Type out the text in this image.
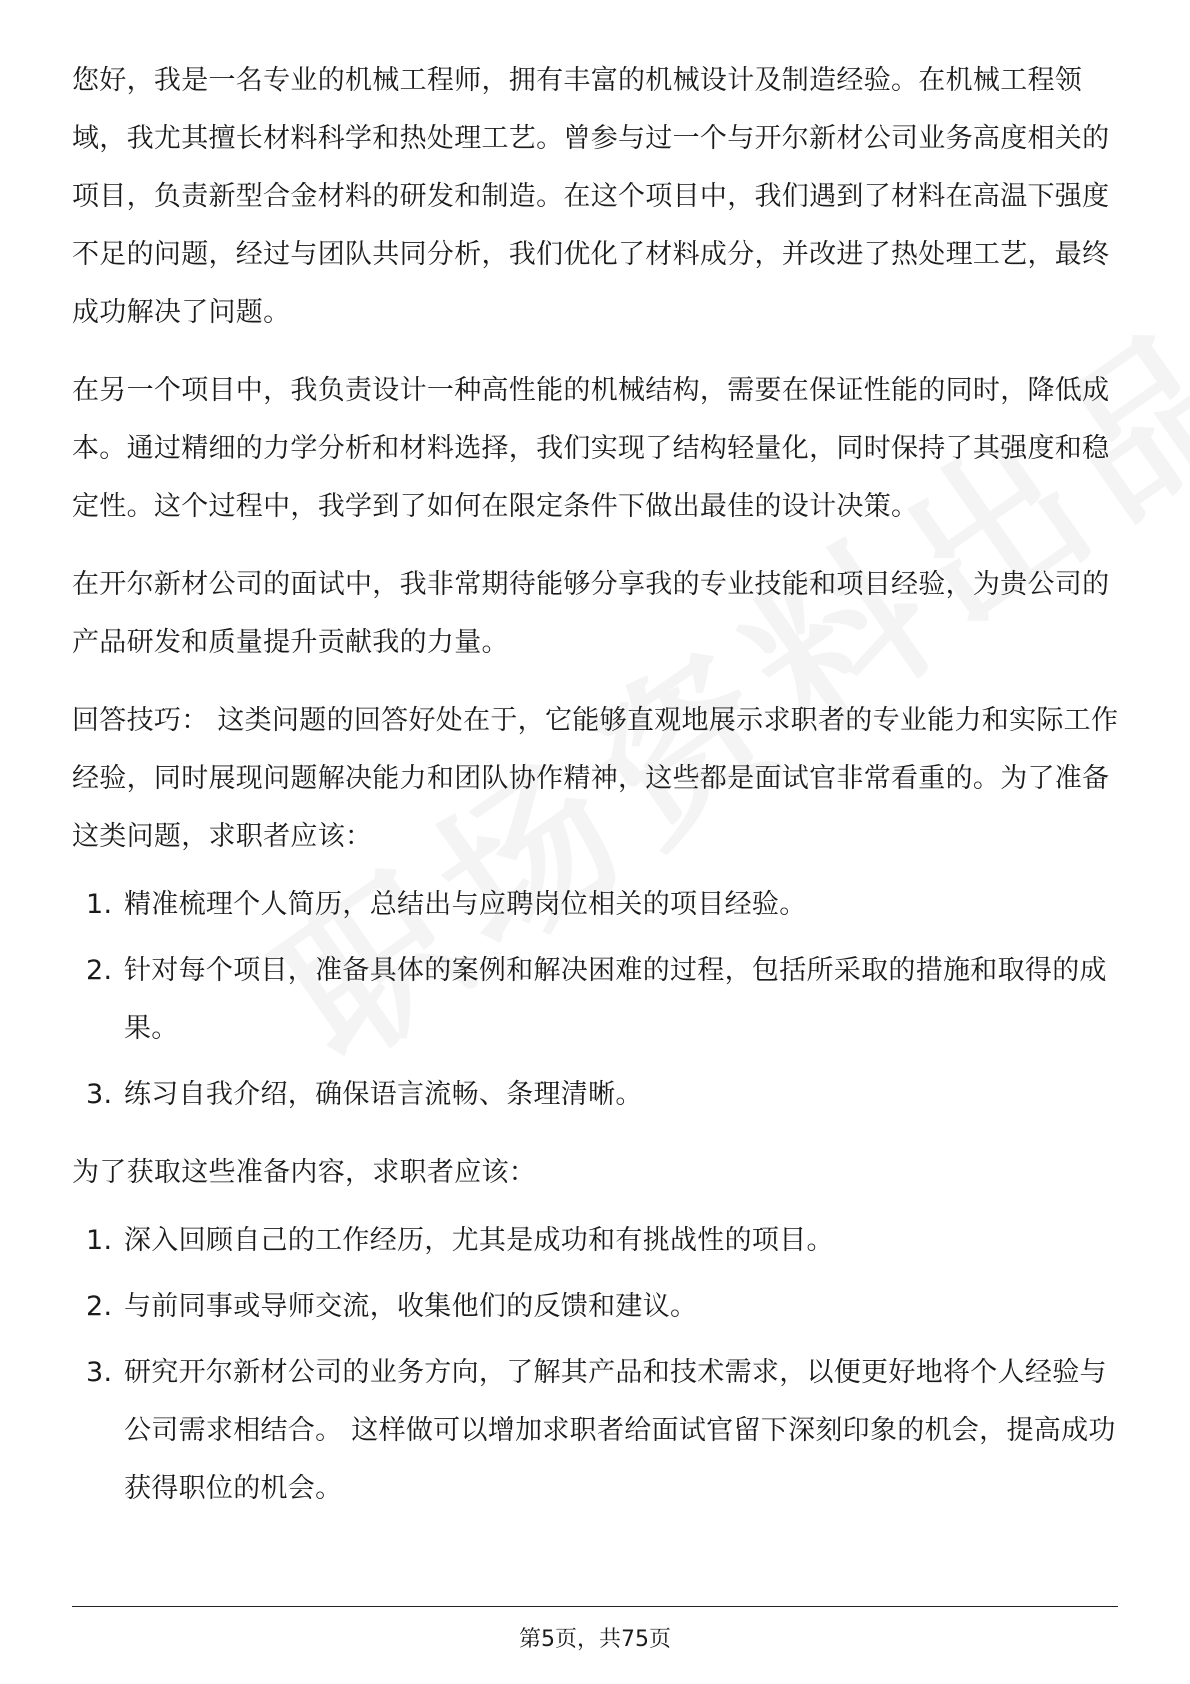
您好，我是一名专业的机械工程师，拥有丰富的机械设计及制造经验。在机械工程领域，我尤其擅长材料科学和热处理工艺。曾参与过一个与开尔新材公司业务高度相关的项目，负责新型合金材料的研发和制造。在这个项目中，我们遇到了材料在高温下强度不足的问题，经过与团队共同分析，我们优化了材料成分，并改进了热处理工艺，最终成功解决了问题。

在另一个项目中，我负责设计一种高性能的机械结构，需要在保证性能的同时，降低成本。通过精细的力学分析和材料选择，我们实现了结构轻量化，同时保持了其强度和稳定性。这个过程中，我学到了如何在限定条件下做出最佳的设计决策。

在开尔新材公司的面试中，我非常期待能够分享我的专业技能和项目经验，为贵公司的产品研发和质量提升贡献我的力量。

回答技巧： 这类问题的回答好处在于，它能够直观地展示求职者的专业能力和实际工作经验，同时展现问题解决能力和团队协作精神，这些都是面试官非常看重的。为了准备这类问题，求职者应该：

1. 精准梳理个人简历，总结出与应聘岗位相关的项目经验。
2. 针对每个项目，准备具体的案例和解决困难的过程，包括所采取的措施和取得的成果。
3. 练习自我介绍，确保语言流畅、条理清晰。

为了获取这些准备内容，求职者应该：

1. 深入回顾自己的工作经历，尤其是成功和有挑战性的项目。
2. 与前同事或导师交流，收集他们的反馈和建议。
3. 研究开尔新材公司的业务方向，了解其产品和技术需求，以便更好地将个人经验与公司需求相结合。 这样做可以增加求职者给面试官留下深刻印象的机会，提高成功获得职位的机会。
第5页，共75页
